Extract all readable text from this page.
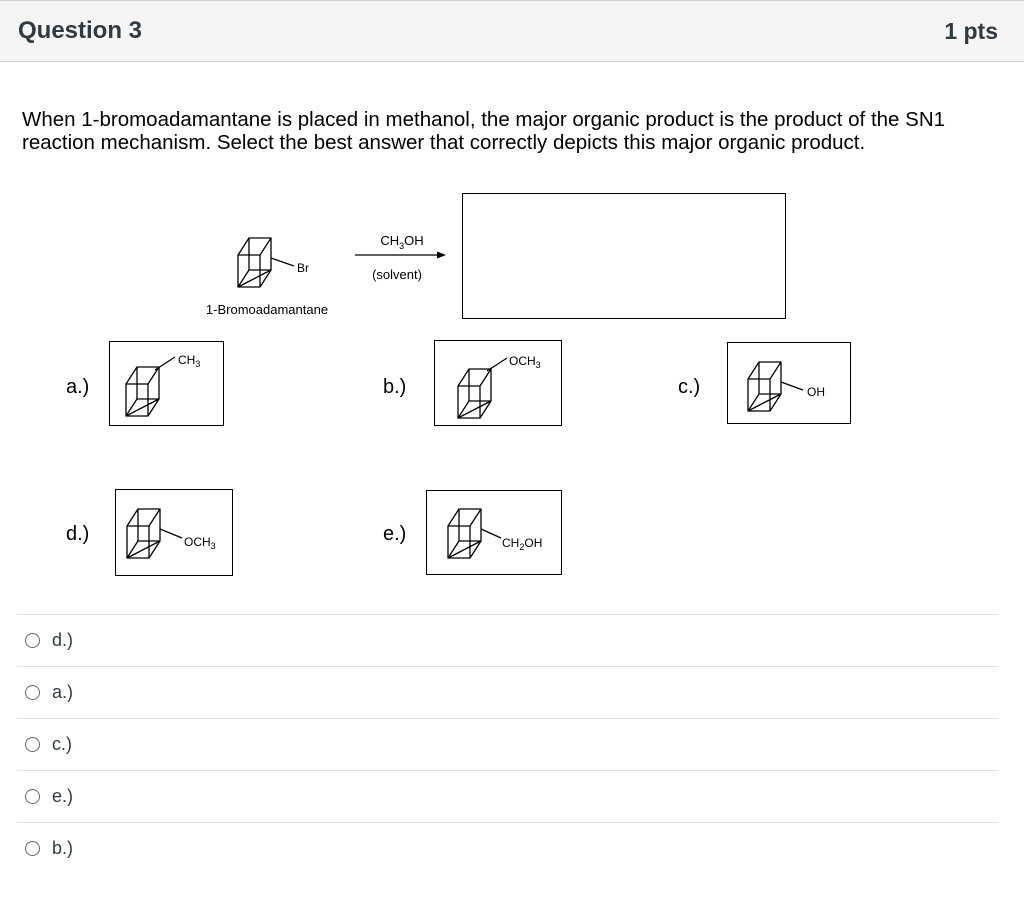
Question 3	1 pts
When 1-bromoadamantane is placed in methanol, the major organic product is the product of the SN1 reaction mechanism. Select the best answer that correctly depicts this major organic product.
Br
1-Bromoadamantane
$CH_3OH$
(solvent)
a.)
$CH_3$
b.)
$OCH_3$
c.)	OH
d.)	$OCH_3$
e.)	$CH_2OH$
d.)
a.)
c.)
e.)
b.)
